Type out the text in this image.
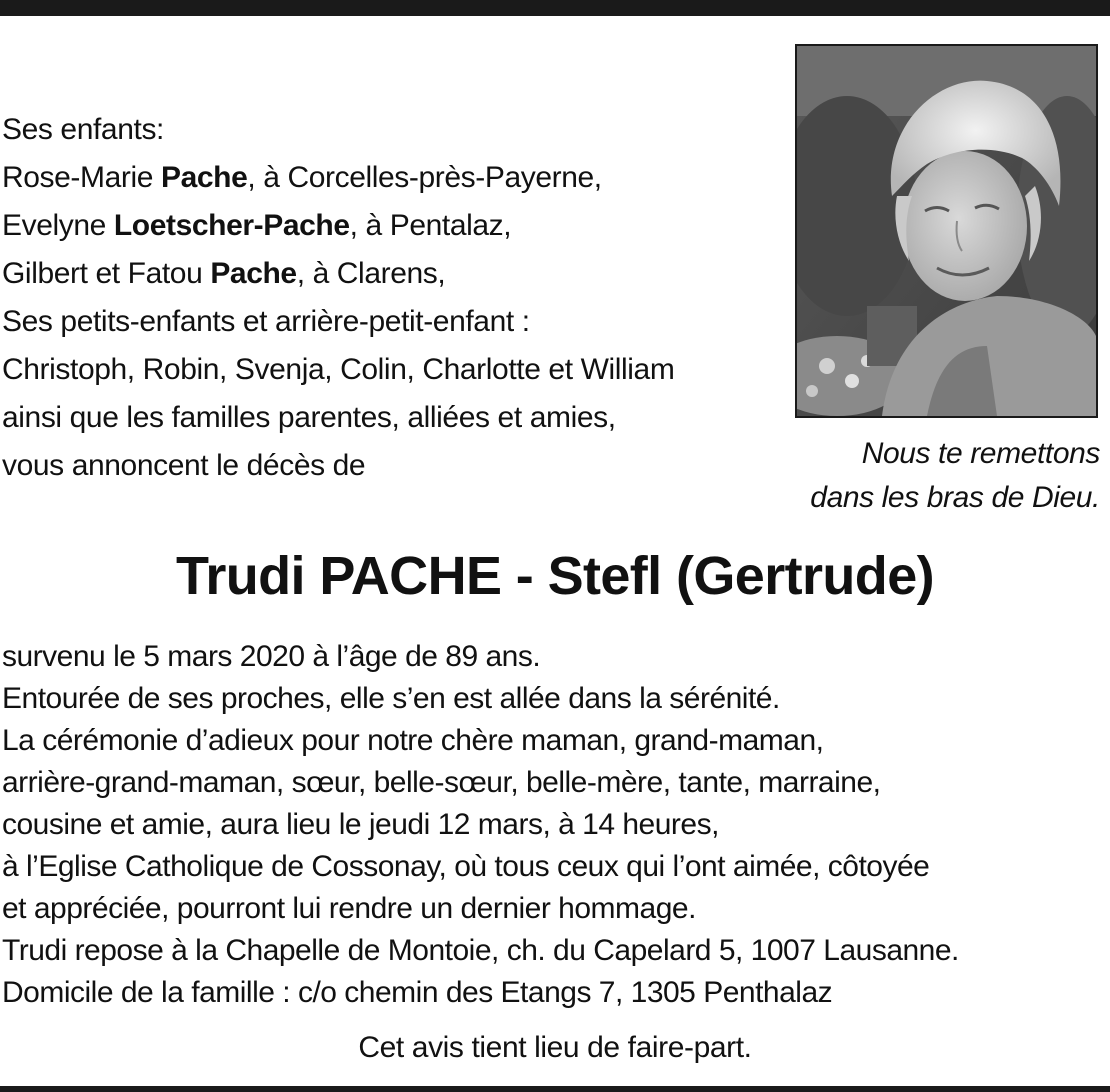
Ses enfants:
Rose-Marie Pache, à Corcelles-près-Payerne,
Evelyne Loetscher-Pache, à Pentalaz,
Gilbert et Fatou Pache, à Clarens,
Ses petits-enfants et arrière-petit-enfant :
Christoph, Robin, Svenja, Colin, Charlotte et William
ainsi que les familles parentes, alliées et amies,
vous annoncent le décès de	Nous te remettons
dans les bras de Dieu.
Trudi PACHE - Stefl (Gertrude)
survenu le 5 mars 2020 à l’âge de 89 ans.
Entourée de ses proches, elle s’en est allée dans la sérénité.
La cérémonie d’adieux pour notre chère maman, grand-maman,
arrière-grand-maman, sœur, belle-sœur, belle-mère, tante, marraine,
cousine et amie, aura lieu le jeudi 12 mars, à 14 heures,
à l’Eglise Catholique de Cossonay, où tous ceux qui l’ont aimée, côtoyée
et appréciée, pourront lui rendre un dernier hommage.
Trudi repose à la Chapelle de Montoie, ch. du Capelard 5, 1007 Lausanne.
Domicile de la famille : c/o chemin des Etangs 7, 1305 Penthalaz
Cet avis tient lieu de faire-part.
